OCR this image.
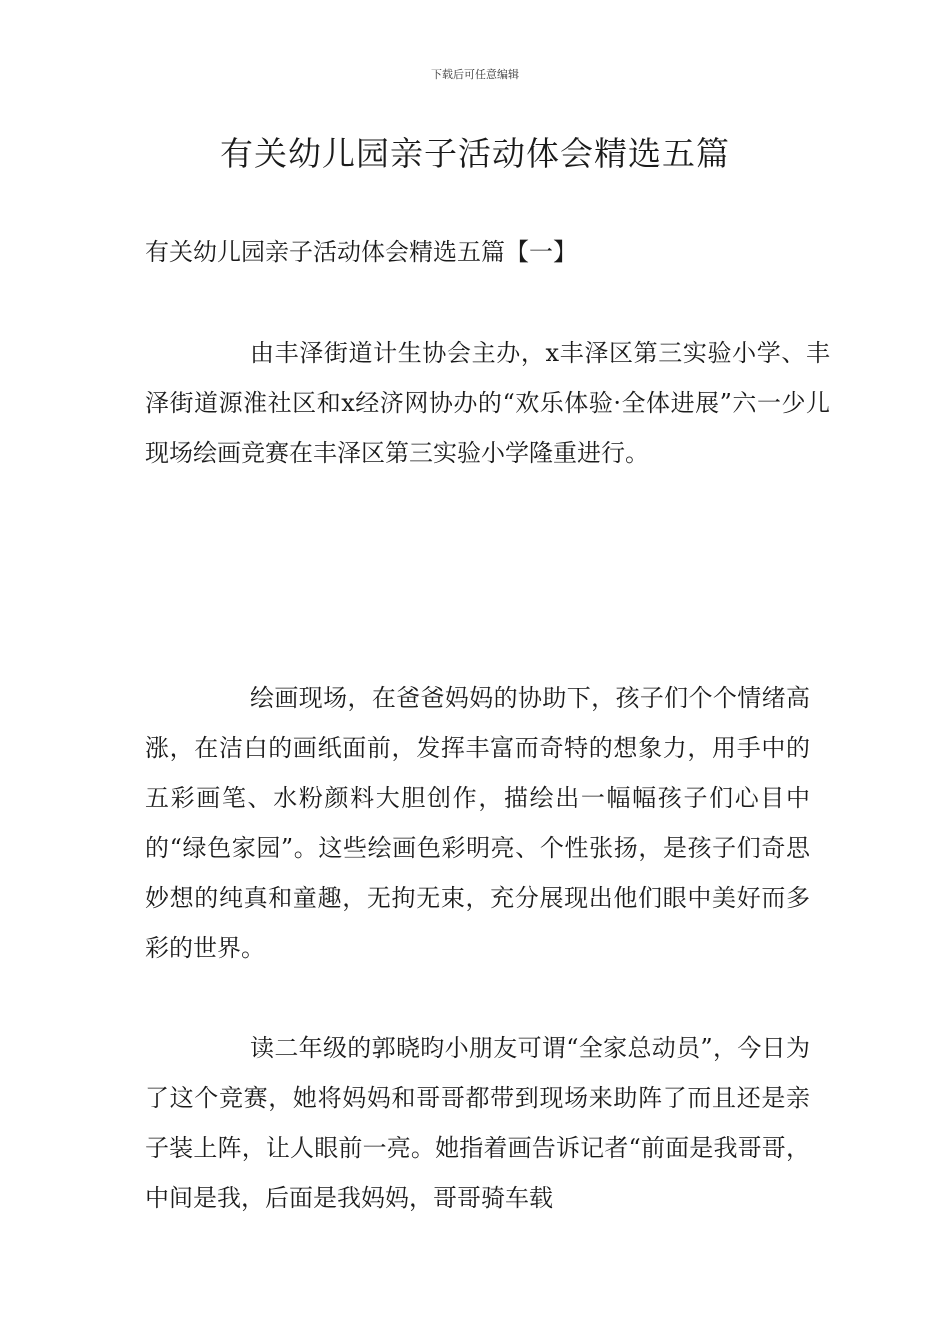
下载后可任意编辑
有关幼儿园亲子活动体会精选五篇
有关幼儿园亲子活动体会精选五篇【一】

由丰泽街道计生协会主办，x丰泽区第三实验小学、丰泽街道源淮社区和x经济网协办的“欢乐体验·全体进展”六一少儿现场绘画竞赛在丰泽区第三实验小学隆重进行。

绘画现场，在爸爸妈妈的协助下，孩子们个个情绪高涨，在洁白的画纸面前，发挥丰富而奇特的想象力，用手中的五彩画笔、水粉颜料大胆创作，描绘出一幅幅孩子们心目中的“绿色家园”。这些绘画色彩明亮、个性张扬，是孩子们奇思妙想的纯真和童趣，无拘无束，充分展现出他们眼中美好而多彩的世界。

读二年级的郭晓昀小朋友可谓“全家总动员”，今日为了这个竞赛，她将妈妈和哥哥都带到现场来助阵了而且还是亲子装上阵，让人眼前一亮。她指着画告诉记者“前面是我哥哥，中间是我，后面是我妈妈，哥哥骑车载
